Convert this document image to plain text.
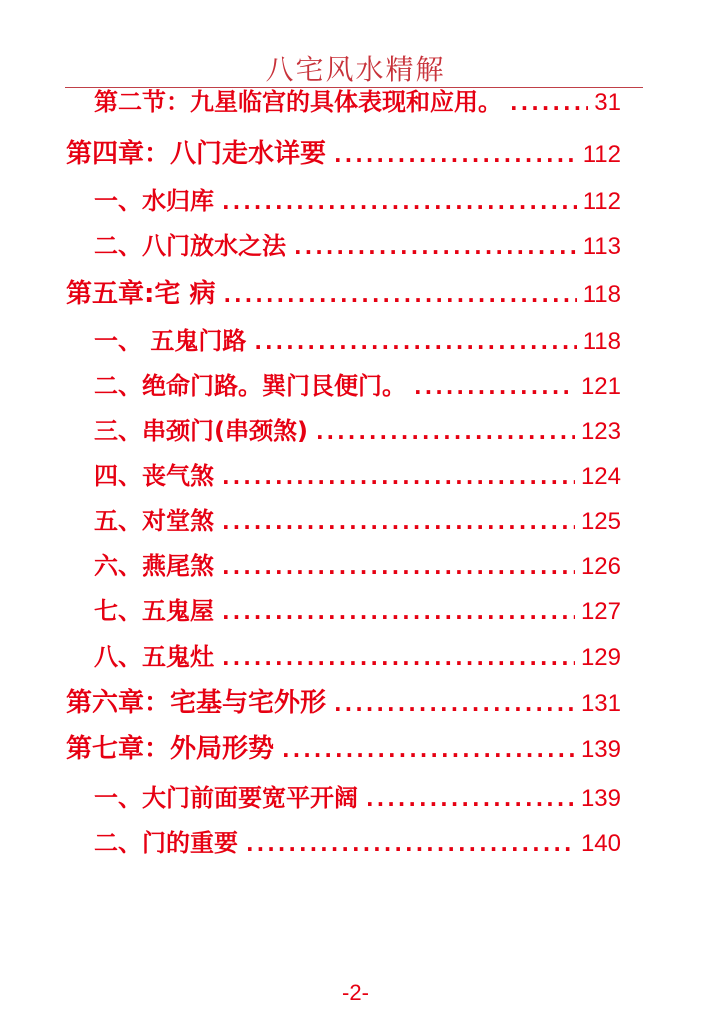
八宅风水精解
第二节：九星临宫的具体表现和应用。 .....	31
第四章：八门走水详要 .....	112
一、水归库 .....	112
二、八门放水之法 .....	113
第五章:宅 病 .....	118
一、 五鬼门路 .....	118
二、绝命门路。巽门艮便门。 .....	121
三、串颈门(串颈煞) .....	123
四、丧气煞 .....	124
五、对堂煞 .....	125
六、燕尾煞 .....	126
七、五鬼屋 .....	127
八、五鬼灶 .....	129
第六章：宅基与宅外形 .....	131
第七章：外局形势 .....	139
一、大门前面要宽平开阔 .....	139
二、门的重要 .....	140
-2-
